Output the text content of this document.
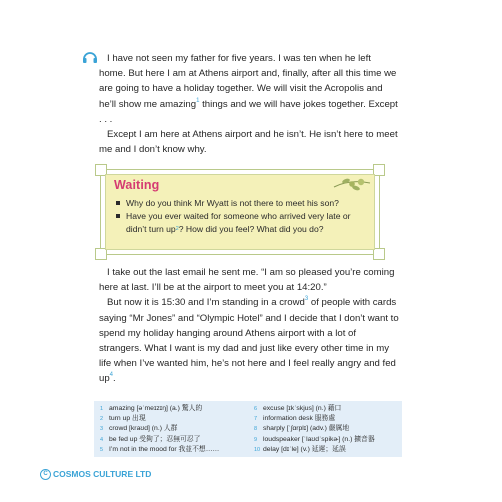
I have not seen my father for five years. I was ten when he left home. But here I am at Athens airport and, finally, after all this time we are going to have a holiday together. We will visit the Acropolis and he’ll show me amazing$^1$ things and we will have jokes together. Except . . .

Except I am here at Athens airport and he isn’t. He isn’t here to meet me and I don’t know why.

Waiting
Why do you think Mr Wyatt is not there to meet his son?
Have you ever waited for someone who arrived very late or didn’t turn $up^2$? How did you feel? What did you do?

I take out the last email he sent me. “I am so pleased you’re coming here at last. I’ll be at the airport to meet you at 14:20.”

But now it is 15:30 and I’m standing in a crowd$^3$ of people with cards saying “Mr Jones” and “Olympic Hotel” and I decide that I don’t want to spend my holiday hanging around Athens airport with a lot of strangers. What I want is my dad and just like every other time in my life when I’ve wanted him, he’s not here and I feel really angry and fed $up^4$.

1 amazing [əˈmeɪzɪŋ] (a.) 驚人的
2 turn up 出現
3 crowd [kraʊd] (n.) 人群
4 be fed up 受夠了；忍無可忍了
5 I’m not in the mood for 我並不想……
6 excuse [ɪkˈskjus] (n.) 藉口
7 information desk 服務處
8 sharply [ˈʃɑrplɪ] (adv.) 嚴厲地
9 loudspeaker [ˈlaʊdˈspikɚ] (n.) 擴音器
10 delay [dɪˈle] (v.) 延遲；延誤
C COSMOS CULTURE LTD
